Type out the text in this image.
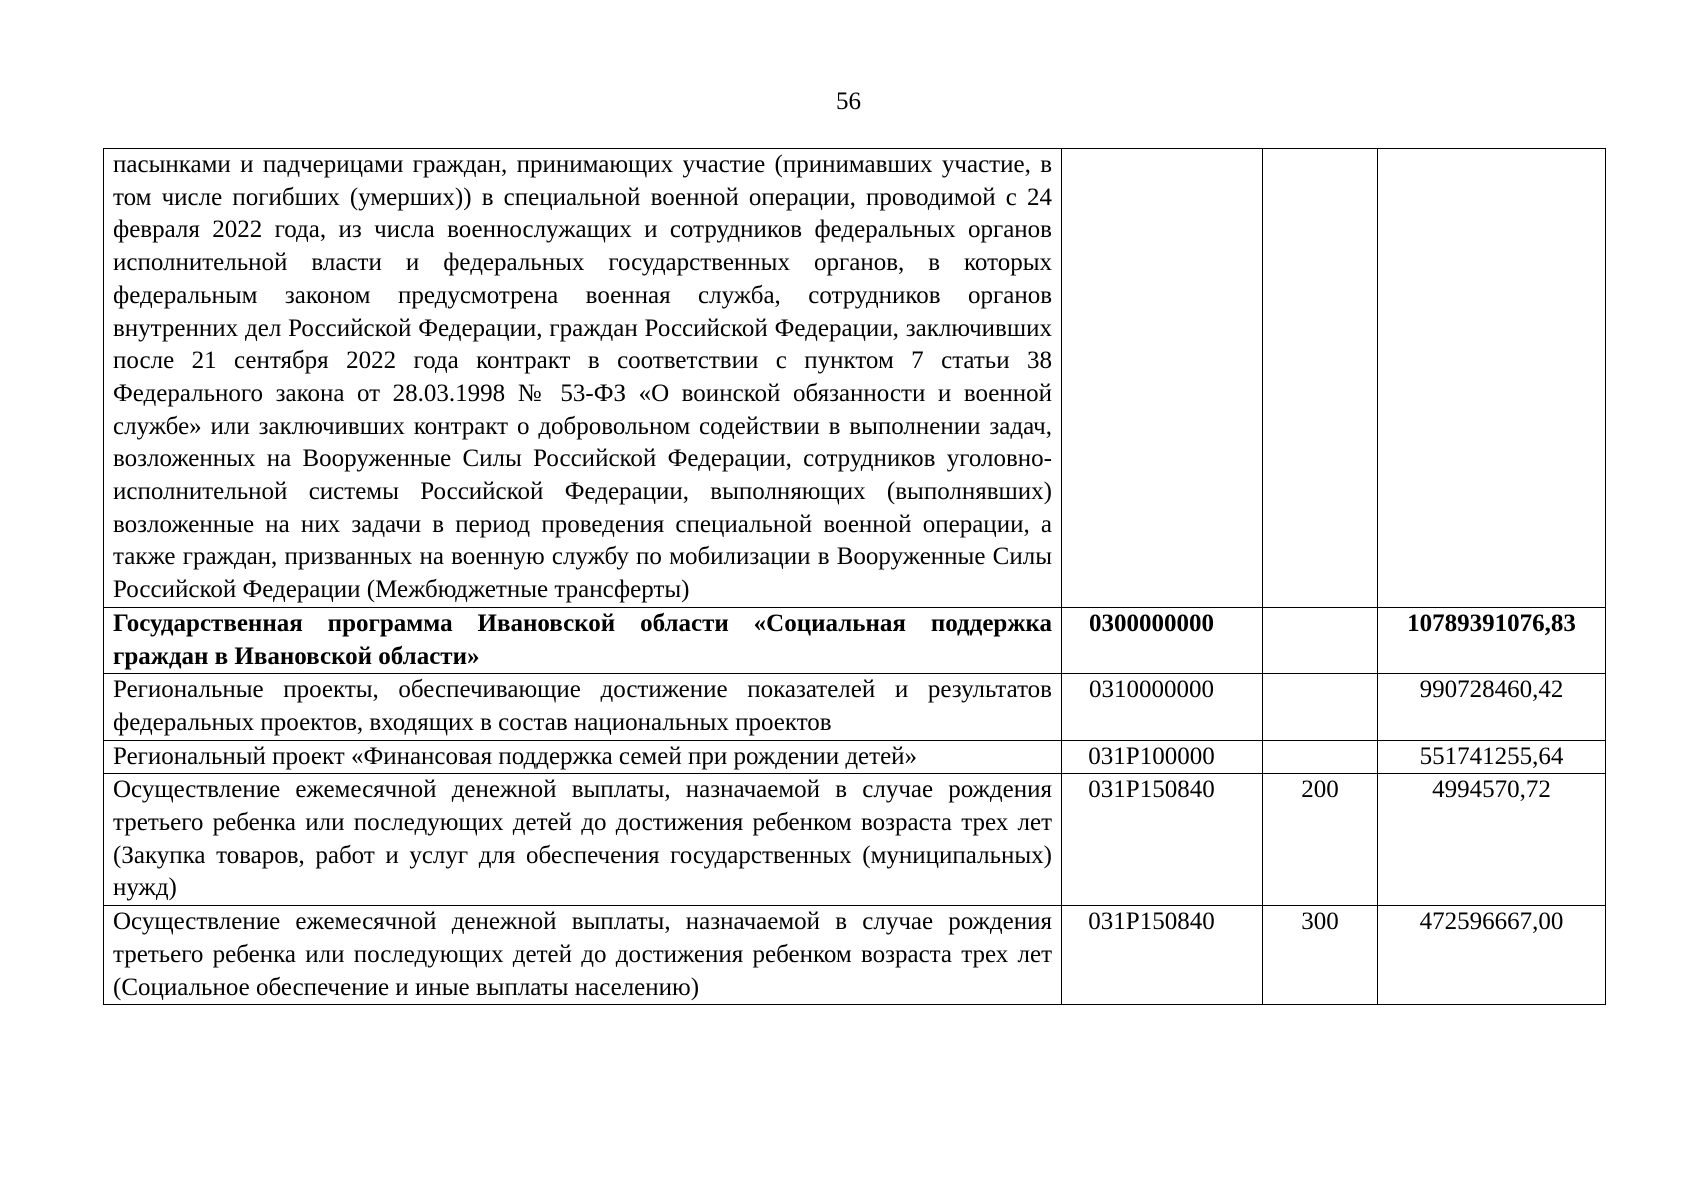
56
пасынками и падчерицами граждан, принимающих участие (принимавших участие, в том числе погибших (умерших)) в специальной военной операции, проводимой с 24 февраля 2022 года, из числа военнослужащих и сотрудников федеральных органов исполнительной власти и федеральных государственных органов, в которых федеральным законом предусмотрена военная служба, сотрудников органов внутренних дел Российской Федерации, граждан Российской Федерации, заключивших после 21 сентября 2022 года контракт в соответствии с пунктом 7 статьи 38 Федерального закона от 28.03.1998 № 53-ФЗ «О воинской обязанности и военной службе» или заключивших контракт о добровольном содействии в выполнении задач, возложенных на Вооруженные Силы Российской Федерации, сотрудников уголовно-исполнительной системы Российской Федерации, выполняющих (выполнявших) возложенные на них задачи в период проведения специальной военной операции, а также граждан, призванных на военную службу по мобилизации в Вооруженные Силы Российской Федерации (Межбюджетные трансферты)			
Государственная программа Ивановской области «Социальная поддержка граждан в Ивановской области»	0300000000		10789391076,83
Региональные проекты, обеспечивающие достижение показателей и результатов федеральных проектов, входящих в состав национальных проектов	0310000000		990728460,42
Региональный проект «Финансовая поддержка семей при рождении детей»	031P100000		551741255,64
Осуществление ежемесячной денежной выплаты, назначаемой в случае рождения третьего ребенка или последующих детей до достижения ребенком возраста трех лет (Закупка товаров, работ и услуг для обеспечения государственных (муниципальных) нужд)	031P150840	200	4994570,72
Осуществление ежемесячной денежной выплаты, назначаемой в случае рождения третьего ребенка или последующих детей до достижения ребенком возраста трех лет (Социальное обеспечение и иные выплаты населению)	031P150840	300	472596667,00
